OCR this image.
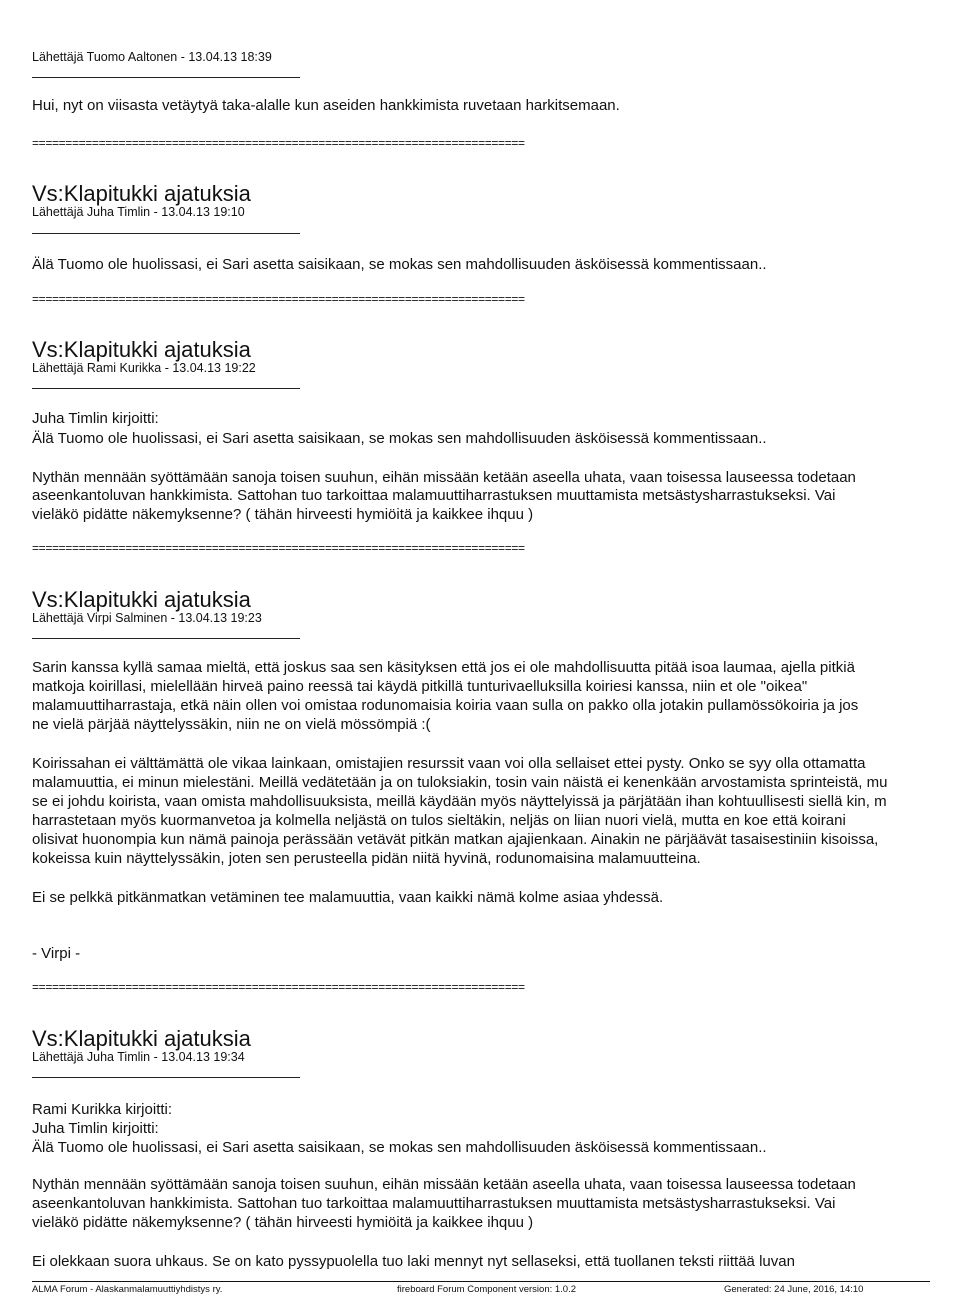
Lähettäjä Tuomo Aaltonen - 13.04.13 18:39
Hui, nyt on viisasta vetäytyä taka-alalle kun aseiden hankkimista ruvetaan harkitsemaan.
==========================================================================
Vs:Klapitukki ajatuksia
Lähettäjä Juha Timlin - 13.04.13 19:10
Älä Tuomo ole huolissasi, ei Sari asetta saisikaan, se mokas sen mahdollisuuden äsköisessä kommentissaan..
==========================================================================
Vs:Klapitukki ajatuksia
Lähettäjä Rami Kurikka - 13.04.13 19:22
Juha Timlin kirjoitti:
Älä Tuomo ole huolissasi, ei Sari asetta saisikaan, se mokas sen mahdollisuuden äsköisessä kommentissaan..
Nythän mennään syöttämään sanoja toisen suuhun, eihän missään ketään aseella uhata, vaan toisessa lauseessa todetaan
aseenkantoluvan hankkimista. Sattohan tuo tarkoittaa malamuuttiharrastuksen muuttamista metsästysharrastukseksi. Vai
vieläkö pidätte näkemyksenne? ( tähän hirveesti hymiöitä ja kaikkee ihquu )
==========================================================================
Vs:Klapitukki ajatuksia
Lähettäjä Virpi Salminen - 13.04.13 19:23
Sarin kanssa kyllä samaa mieltä, että joskus saa sen käsityksen että jos ei ole mahdollisuutta pitää isoa laumaa, ajella pitkiä
matkoja koirillasi, mielellään hirveä paino reessä tai käydä pitkillä tunturivaelluksilla koiriesi kanssa, niin et ole "oikea"
malamuuttiharrastaja, etkä näin ollen voi omistaa rodunomaisia koiria vaan sulla on pakko olla jotakin pullamössökoiria ja jos
ne vielä pärjää näyttelyssäkin, niin ne on vielä mössömpiä :(
Koirissahan ei välttämättä ole vikaa lainkaan, omistajien resurssit vaan voi olla sellaiset ettei pysty. Onko se syy olla ottamatta
malamuuttia, ei minun mielestäni. Meillä vedätetään ja on tuloksiakin, tosin vain näistä ei kenenkään arvostamista sprinteistä, mu
se ei johdu koirista, vaan omista mahdollisuuksista, meillä käydään myös näyttelyissä ja pärjätään ihan kohtuullisesti siellä kin, m
harrastetaan myös kuormanvetoa ja kolmella neljästä on tulos sieltäkin, neljäs on liian nuori vielä, mutta en koe että koirani
olisivat huonompia kun nämä painoja perässään vetävät pitkän matkan ajajienkaan. Ainakin ne pärjäävät tasaisestiniin kisoissa,
kokeissa kuin näyttelyssäkin, joten sen perusteella pidän niitä hyvinä, rodunomaisina malamuutteina.
Ei se pelkkä pitkänmatkan vetäminen tee malamuuttia, vaan kaikki nämä kolme asiaa yhdessä.
- Virpi -
==========================================================================
Vs:Klapitukki ajatuksia
Lähettäjä Juha Timlin - 13.04.13 19:34
Rami Kurikka kirjoitti:
Juha Timlin kirjoitti:
Älä Tuomo ole huolissasi, ei Sari asetta saisikaan, se mokas sen mahdollisuuden äsköisessä kommentissaan..
Nythän mennään syöttämään sanoja toisen suuhun, eihän missään ketään aseella uhata, vaan toisessa lauseessa todetaan
aseenkantoluvan hankkimista. Sattohan tuo tarkoittaa malamuuttiharrastuksen muuttamista metsästysharrastukseksi. Vai
vieläkö pidätte näkemyksenne? ( tähän hirveesti hymiöitä ja kaikkee ihquu )
Ei olekkaan suora uhkaus. Se on kato pyssypuolella tuo laki mennyt nyt sellaseksi, että tuollanen teksti riittää luvan
ALMA Forum - Alaskanmalamuuttiyhdistys ry.	fireboard Forum Component version: 1.0.2	Generated: 24 June, 2016, 14:10
